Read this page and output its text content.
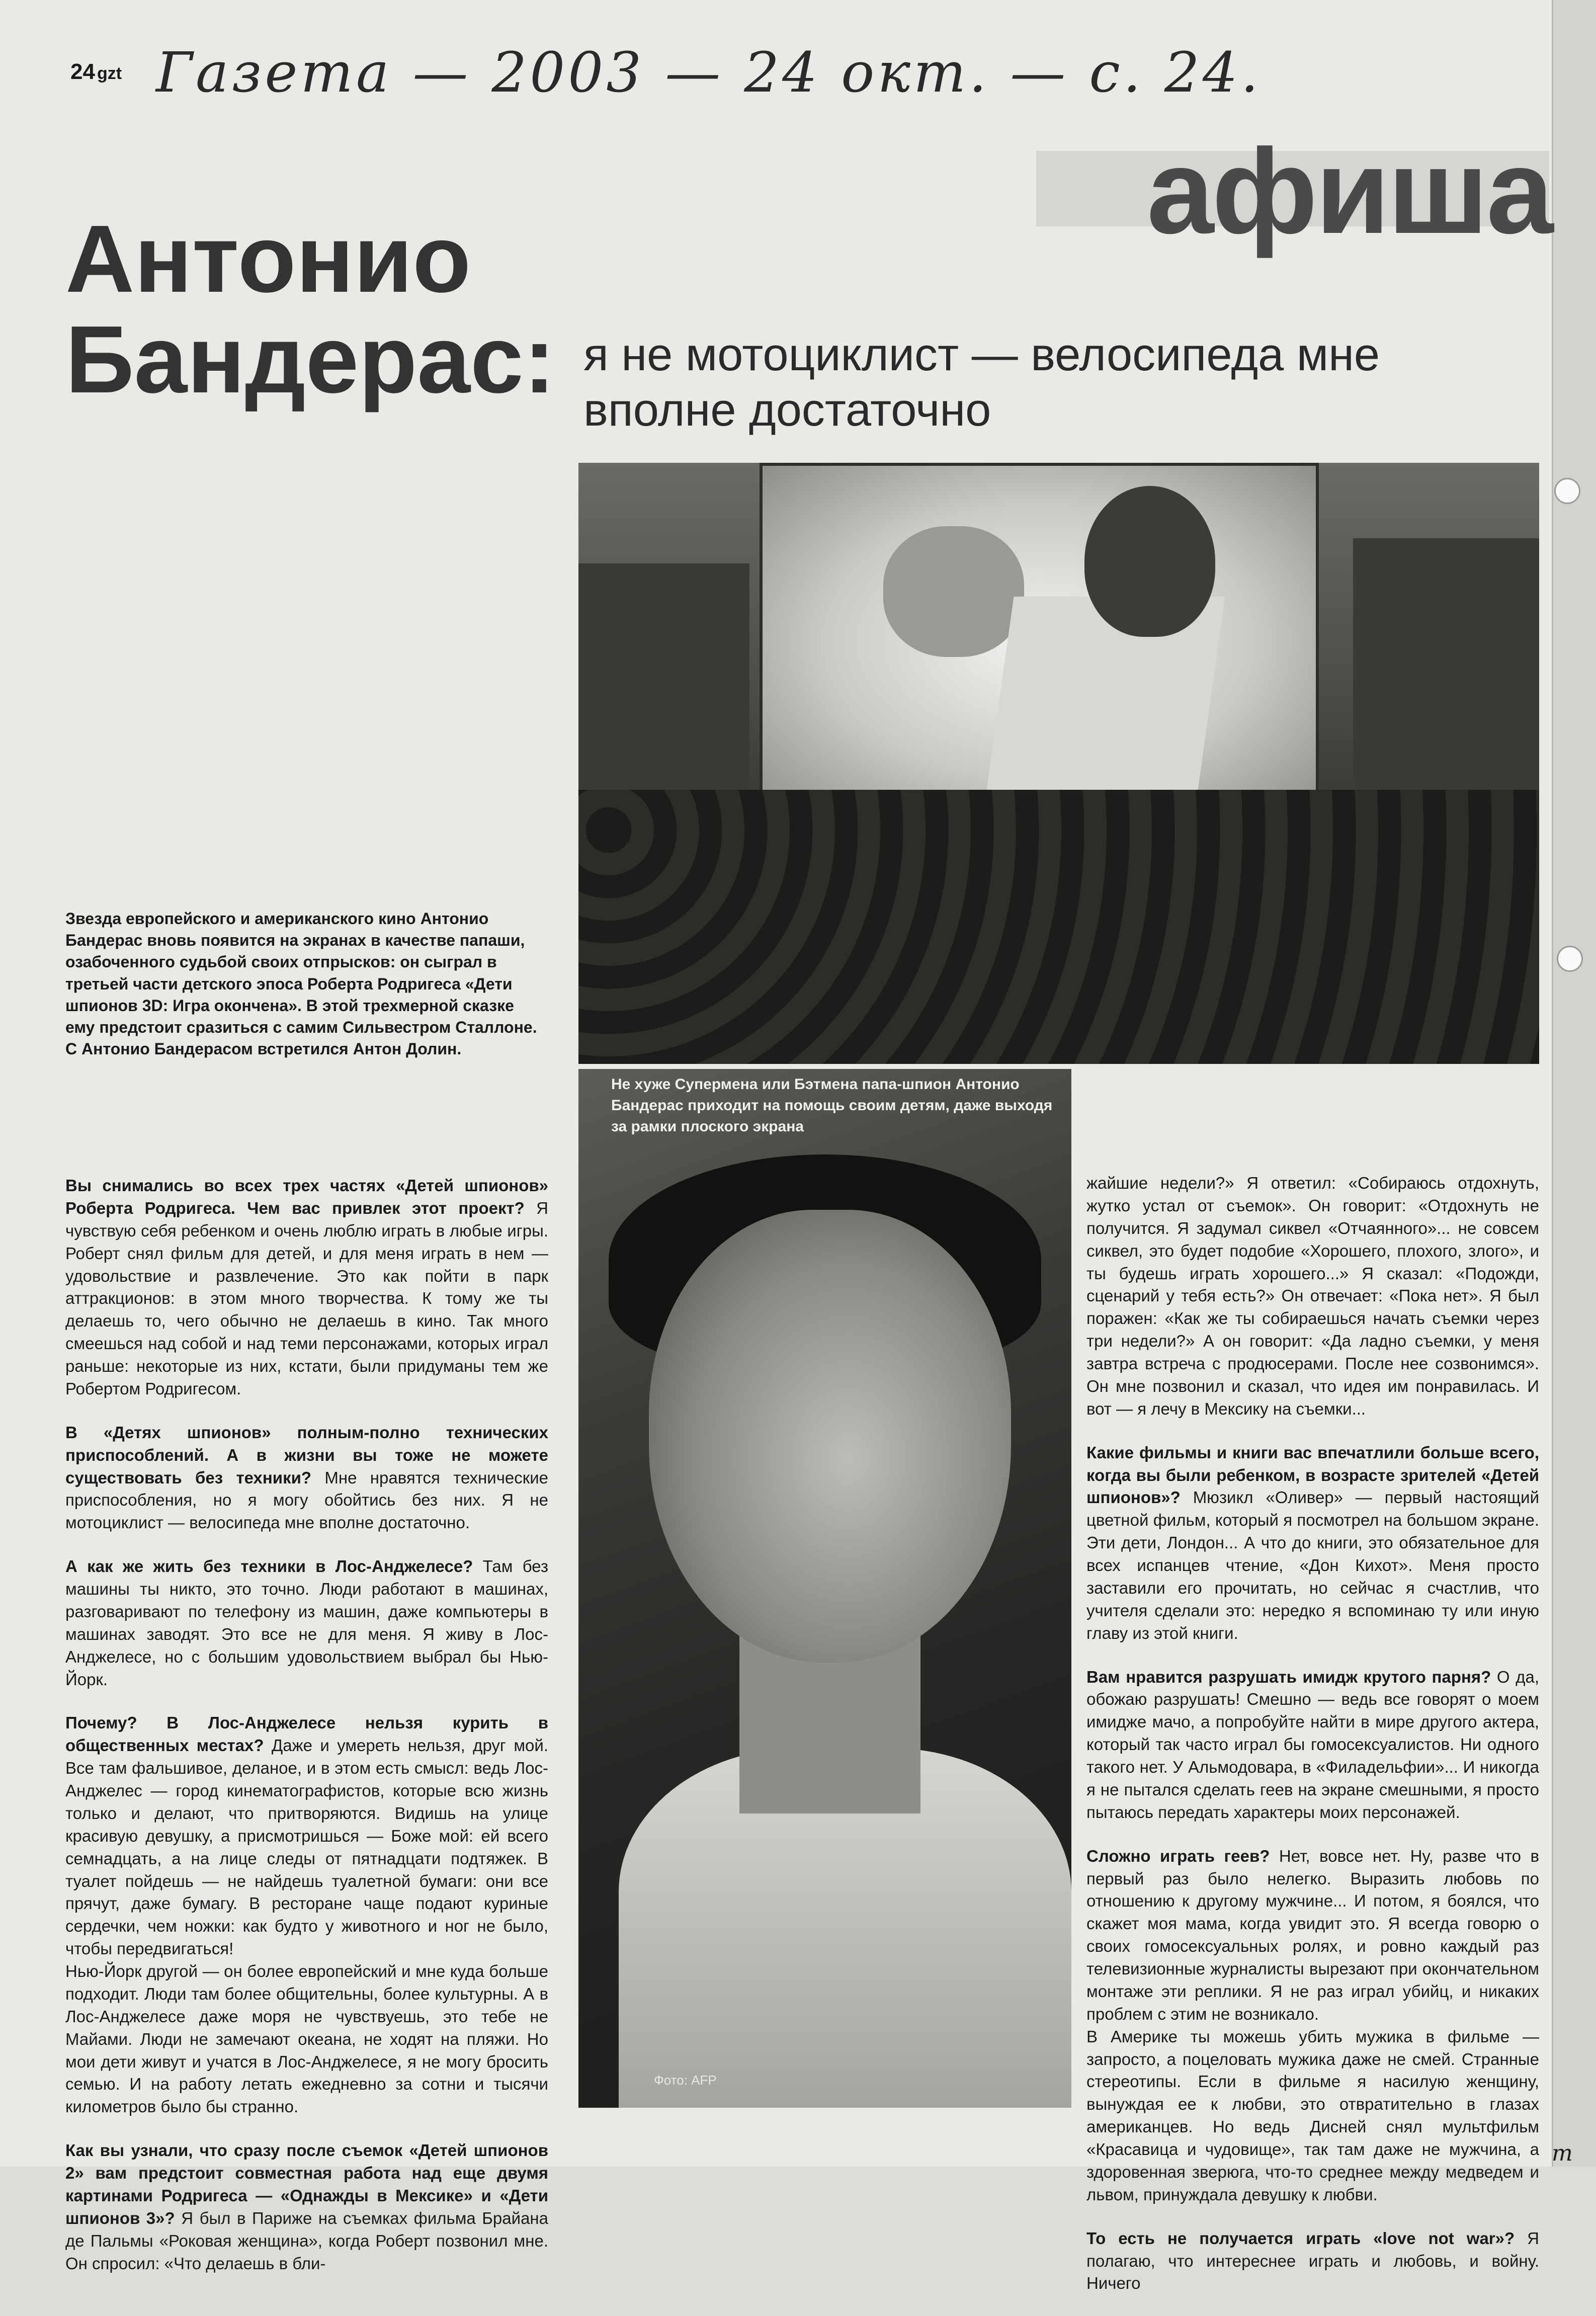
24 gzt Газета — 2003 — 24 окт. — с. 24.
афиша
Антонио
Бандерас: я не мотоциклист — велосипеда мне вполне достаточно
Звезда европейского и американского кино Антонио Бандерас вновь появится на экранах в качестве папаши, озабоченного судьбой своих отпрысков: он сыграл в третьей части детского эпоса Роберта Родригеса «Дети шпионов 3D: Игра окончена». В этой трехмерной сказке ему предстоит сразиться с самим Сильвестром Сталлоне. С Антонио Бандерасом встретился Антон Долин.
Не хуже Супермена или Бэтмена папа-шпион Антонио Бандерас приходит на помощь своим детям, даже выходя за рамки плоского экрана
Фото: AFP

Вы снимались во всех трех частях «Детей шпионов» Роберта Родригеса. Чем вас привлек этот проект? Я чувствую себя ребенком и очень люблю играть в любые игры. Роберт снял фильм для детей, и для меня играть в нем — удовольствие и развлечение. Это как пойти в парк аттракционов: в этом много творчества. К тому же ты делаешь то, чего обычно не делаешь в кино. Так много смеешься над собой и над теми персонажами, которых играл раньше: некоторые из них, кстати, были придуманы тем же Робертом Родригесом.

В «Детях шпионов» полным-полно технических приспособлений. А в жизни вы тоже не можете существовать без техники? Мне нравятся технические приспособления, но я могу обойтись без них. Я не мотоциклист — велосипеда мне вполне достаточно.

А как же жить без техники в Лос-Анджелесе? Там без машины ты никто, это точно. Люди работают в машинах, разговаривают по телефону из машин, даже компьютеры в машинах заводят. Это все не для меня. Я живу в Лос-Анджелесе, но с большим удовольствием выбрал бы Нью-Йорк.

Почему? В Лос-Анджелесе нельзя курить в общественных местах? Даже и умереть нельзя, друг мой. Все там фальшивое, деланое, и в этом есть смысл: ведь Лос-Анджелес — город кинематографистов, которые всю жизнь только и делают, что притворяются. Видишь на улице красивую девушку, а присмотришься — Боже мой: ей всего семнадцать, а на лице следы от пятнадцати подтяжек. В туалет пойдешь — не найдешь туалетной бумаги: они все прячут, даже бумагу. В ресторане чаще подают куриные сердечки, чем ножки: как будто у животного и ног не было, чтобы передвигаться!

Нью-Йорк другой — он более европейский и мне куда больше подходит. Люди там более общительны, более культурны. А в Лос-Анджелесе даже моря не чувствуешь, это тебе не Майами. Люди не замечают океана, не ходят на пляжи. Но мои дети живут и учатся в Лос-Анджелесе, я не могу бросить семью. И на работу летать ежедневно за сотни и тысячи километров было бы странно.

Как вы узнали, что сразу после съемок «Детей шпионов 2» вам предстоит совместная работа над еще двумя картинами Родригеса — «Однажды в Мексике» и «Дети шпионов 3»? Я был в Париже на съемках фильма Брайана де Пальмы «Роковая женщина», когда Роберт позвонил мне. Он спросил: «Что делаешь в бли-

жайшие недели?» Я ответил: «Собираюсь отдохнуть, жутко устал от съемок». Он говорит: «Отдохнуть не получится. Я задумал сиквел «Отчаянного»... не совсем сиквел, это будет подобие «Хорошего, плохого, злого», и ты будешь играть хорошего...» Я сказал: «Подожди, сценарий у тебя есть?» Он отвечает: «Пока нет». Я был поражен: «Как же ты собираешься начать съемки через три недели?» А он говорит: «Да ладно съемки, у меня завтра встреча с продюсерами. После нее созвонимся». Он мне позвонил и сказал, что идея им понравилась. И вот — я лечу в Мексику на съемки...

Какие фильмы и книги вас впечатлили больше всего, когда вы были ребенком, в возрасте зрителей «Детей шпионов»? Мюзикл «Оливер» — первый настоящий цветной фильм, который я посмотрел на большом экране. Эти дети, Лондон... А что до книги, это обязательное для всех испанцев чтение, «Дон Кихот». Меня просто заставили его прочитать, но сейчас я счастлив, что учителя сделали это: нередко я вспоминаю ту или иную главу из этой книги.

Вам нравится разрушать имидж крутого парня? О да, обожаю разрушать! Смешно — ведь все говорят о моем имидже мачо, а попробуйте найти в мире другого актера, который так часто играл бы гомосексуалистов. Ни одного такого нет. У Альмодовара, в «Филадельфии»... И никогда я не пытался сделать геев на экране смешными, я просто пытаюсь передать характеры моих персонажей.

Сложно играть геев? Нет, вовсе нет. Ну, разве что в первый раз было нелегко. Выразить любовь по отношению к другому мужчине... И потом, я боялся, что скажет моя мама, когда увидит это. Я всегда говорю о своих гомосексуальных ролях, и ровно каждый раз телевизионные журналисты вырезают при окончательном монтаже эти реплики. Я не раз играл убийц, и никаких проблем с этим не возникало.

В Америке ты можешь убить мужика в фильме — запросто, а поцеловать мужика даже не смей. Странные стереотипы. Если в фильме я насилую женщину, вынуждая ее к любви, это отвратительно в глазах американцев. Но ведь Дисней снял мультфильм «Красавица и чудовище», так там даже не мужчина, а здоровенная зверюга, что-то среднее между медведем и львом, принуждала девушку к любви.

То есть не получается играть «love not war»? Я полагаю, что интереснее играть и любовь, и войну. Ничего

т
